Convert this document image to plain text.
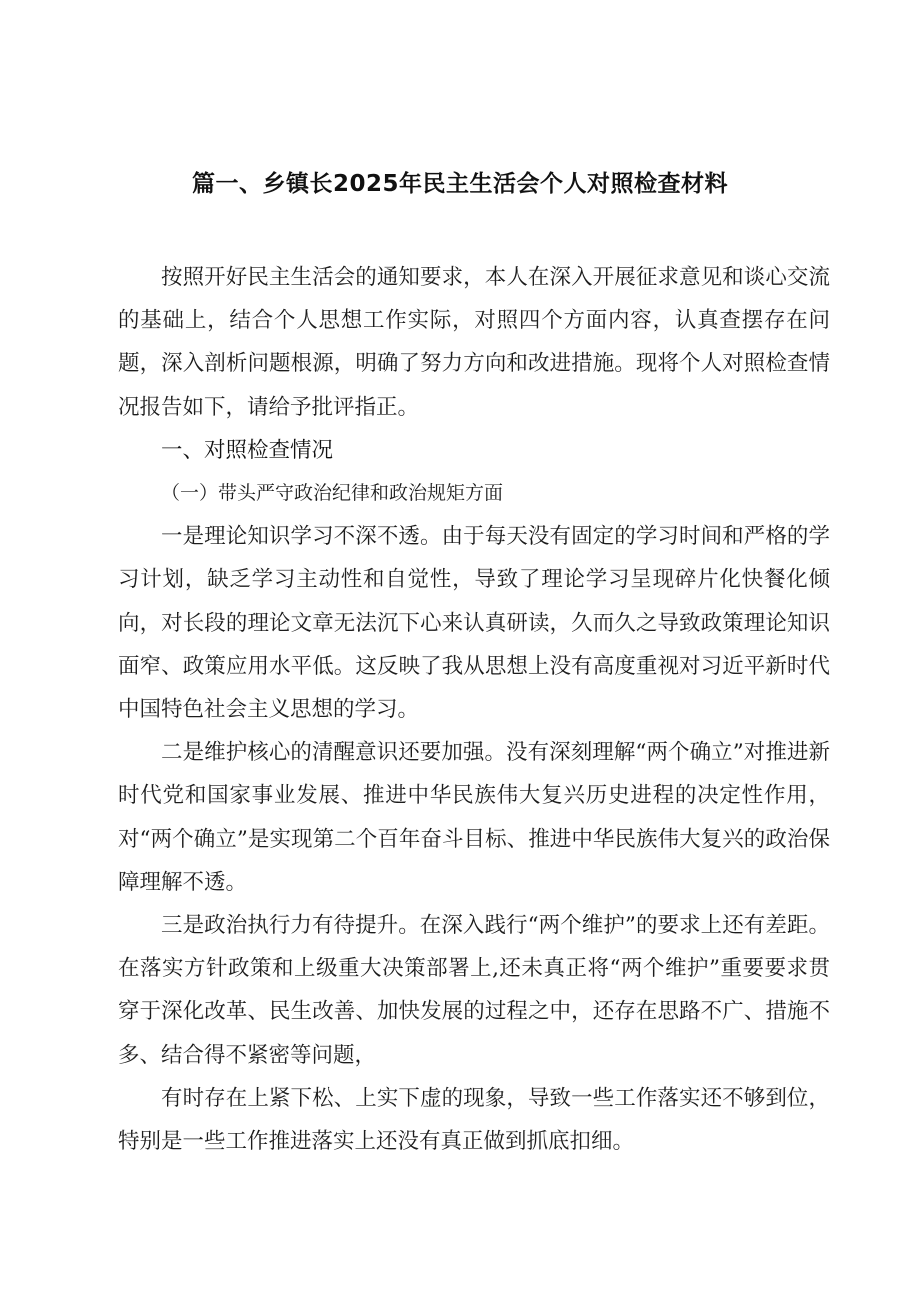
篇一、乡镇长2025年民主生活会个人对照检查材料

按照开好民主生活会的通知要求，本人在深入开展征求意见和谈心交流的基础上，结合个人思想工作实际，对照四个方面内容，认真查摆存在问题，深入剖析问题根源，明确了努力方向和改进措施。现将个人对照检查情况报告如下，请给予批评指正。

一、对照检查情况

（一）带头严守政治纪律和政治规矩方面

一是理论知识学习不深不透。由于每天没有固定的学习时间和严格的学习计划，缺乏学习主动性和自觉性，导致了理论学习呈现碎片化快餐化倾向，对长段的理论文章无法沉下心来认真研读，久而久之导致政策理论知识面窄、政策应用水平低。这反映了我从思想上没有高度重视对习近平新时代中国特色社会主义思想的学习。

二是维护核心的清醒意识还要加强。没有深刻理解“两个确立”对推进新时代党和国家事业发展、推进中华民族伟大复兴历史进程的决定性作用，对“两个确立”是实现第二个百年奋斗目标、推进中华民族伟大复兴的政治保障理解不透。

三是政治执行力有待提升。在深入践行“两个维护”的要求上还有差距。在落实方针政策和上级重大决策部署上,还未真正将“两个维护”重要要求贯穿于深化改革、民生改善、加快发展的过程之中，还存在思路不广、措施不多、结合得不紧密等问题，

有时存在上紧下松、上实下虚的现象，导致一些工作落实还不够到位，特别是一些工作推进落实上还没有真正做到抓底扣细。
